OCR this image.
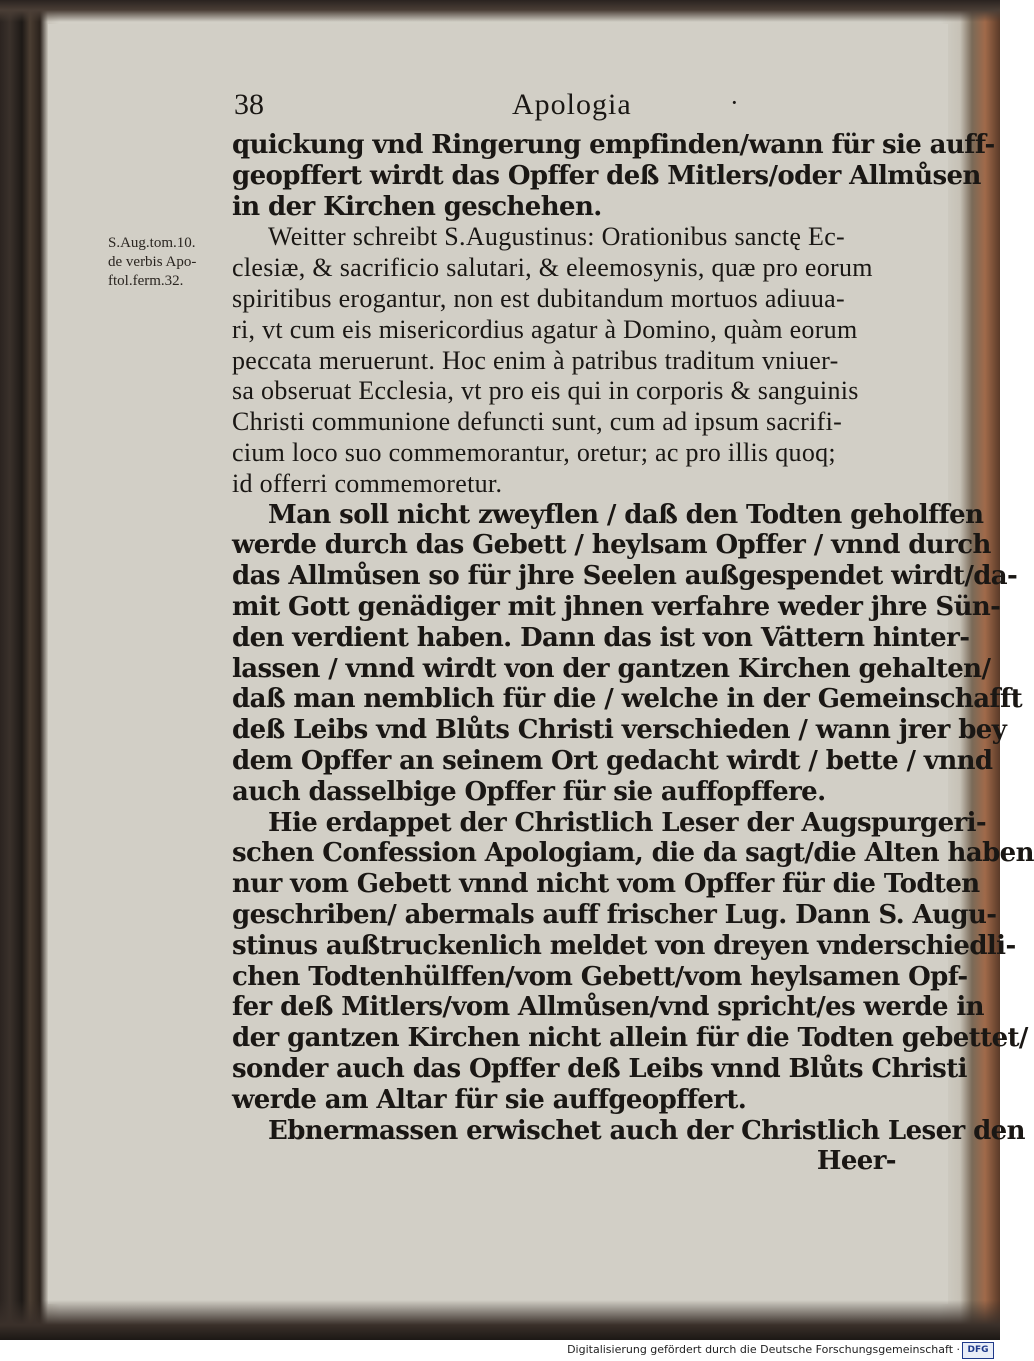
38	Apologia	·
S.Aug.tom.10.
de verbis Apo-
ftol.ferm.32.
quickung vnd Ringerung empfinden/wann für sie auff-
geopffert wirdt das Opffer deß Mitlers/oder Allmůsen
in der Kirchen geschehen.
Weitter schreibt S.Augustinus: Orationibus sanctę Ec-
clesiæ, & sacrificio salutari, & eleemosynis, quæ pro eorum
spiritibus erogantur, non est dubitandum mortuos adiuua-
ri, vt cum eis misericordius agatur à Domino, quàm eorum
peccata meruerunt. Hoc enim à patribus traditum vniuer-
sa obseruat Ecclesia, vt pro eis qui in corporis & sanguinis
Christi communione defuncti sunt, cum ad ipsum sacrifi-
cium loco suo commemorantur, oretur; ac pro illis quoq;
id offerri commemoretur.
Man soll nicht zweyflen / daß den Todten geholffen
werde durch das Gebett / heylsam Opffer / vnnd durch
das Allmůsen so für jhre Seelen außgespendet wirdt/da-
mit Gott genädiger mit jhnen verfahre weder jhre Sün-
den verdient haben. Dann das ist von Vättern hinter-
lassen / vnnd wirdt von der gantzen Kirchen gehalten/
daß man nemblich für die / welche in der Gemeinschafft
deß Leibs vnd Blůts Christi verschieden / wann jrer bey
dem Opffer an seinem Ort gedacht wirdt / bette / vnnd
auch dasselbige Opffer für sie auffopffere.
Hie erdappet der Christlich Leser der Augspurgeri-
schen Confession Apologiam, die da sagt/die Alten haben
nur vom Gebett vnnd nicht vom Opffer für die Todten
geschriben/ abermals auff frischer Lug. Dann S. Augu-
stinus außtruckenlich meldet von dreyen vnderschiedli-
chen Todtenhülffen/vom Gebett/vom heylsamen Opf-
fer deß Mitlers/vom Allmůsen/vnd spricht/es werde in
der gantzen Kirchen nicht allein für die Todten gebettet/
sonder auch das Opffer deß Leibs vnnd Blůts Christi
werde am Altar für sie auffgeopffert.
Ebnermassen erwischet auch der Christlich Leser den
Heer-
Digitalisierung gefördert durch die Deutsche Forschungsgemeinschaft · DFG
